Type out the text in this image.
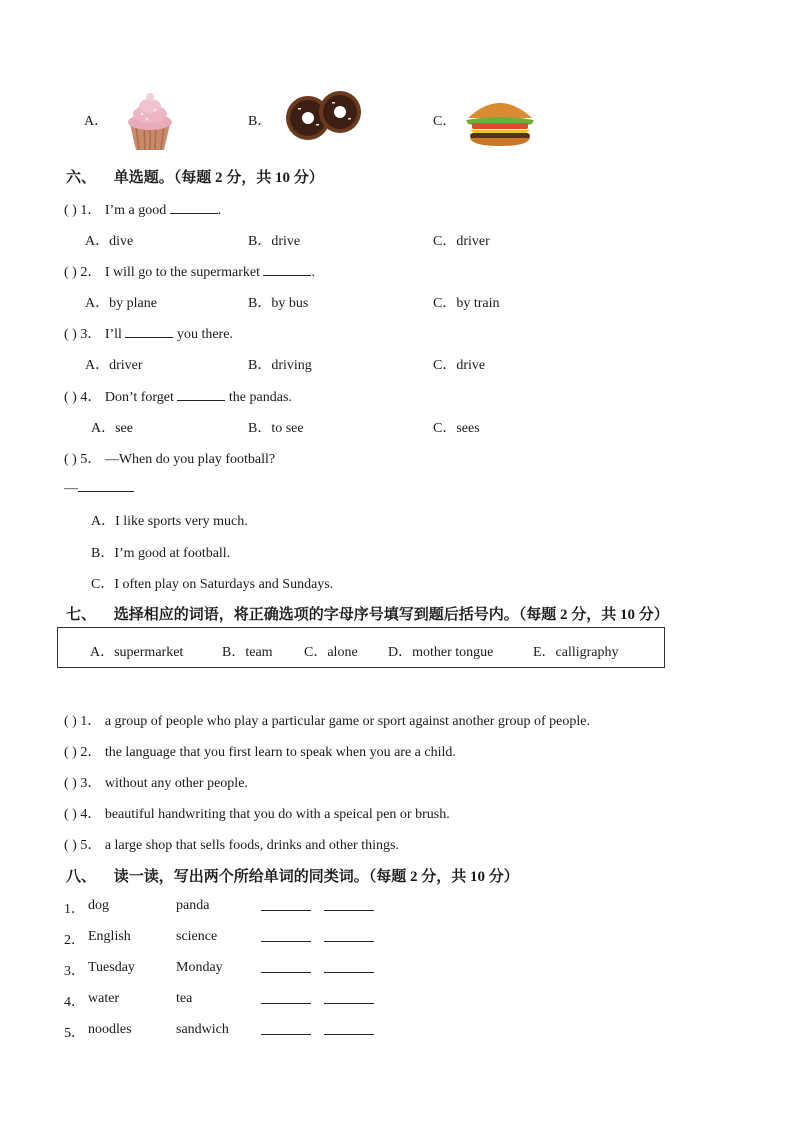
A．	B．	C．
六、 单选题。（每题 2 分，共 10 分）
( ) 1． I’m a good	.
A．dive	B．drive	C．driver
( ) 2． I will go to the supermarket	.
A．by plane	B．by bus	C．by train
( ) 3． I’ll	you there.
A．driver	B．driving	C．drive
( ) 4． Don’t forget	the pandas.
A．see	B．to see	C．sees
( ) 5． —When do you play football?
—
A．I like sports very much.
B．I’m good at football.
C．I often play on Saturdays and Sundays.
七、 选择相应的词语，将正确选项的字母序号填写到题后括号内。（每题 2 分，共 10 分）
A．supermarket	B．team C．alone D．mother tongue	E．calligraphy
( ) 1． a group of people who play a particular game or sport against another group of people.
( ) 2． the language that you first learn to speak when you are a child.
( ) 3． without any other people.
( ) 4． beautiful handwriting that you do with a speical pen or brush.
( ) 5． a large shop that sells foods, drinks and other things.
八、 读一读，写出两个所给单词的同类词。（每题 2 分，共 10 分）
1． dog	panda
2． English	science
3． Tuesday	Monday
4． water	tea
5． noodles	sandwich
